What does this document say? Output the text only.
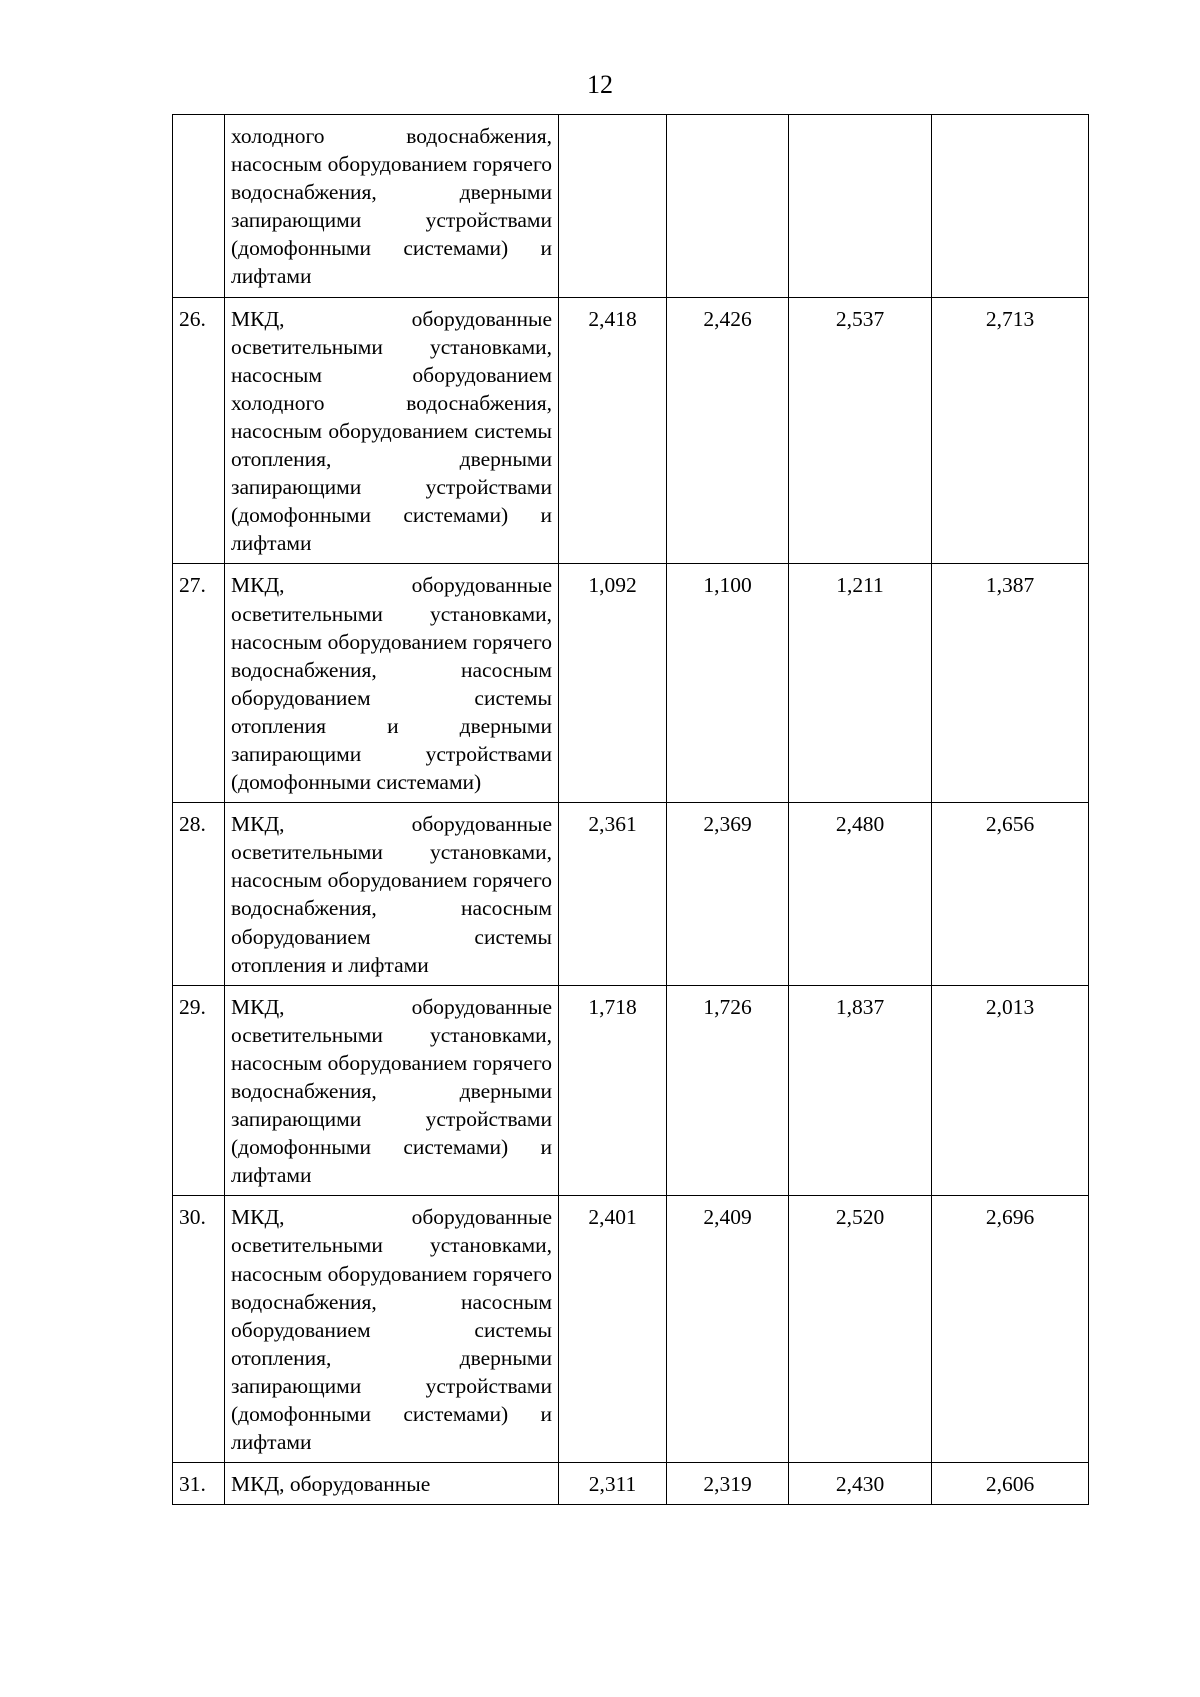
12
	холодного водоснабжения, насосным оборудованием горячего водоснабжения, дверными запирающими устройствами (домофонными системами) и лифтами				
26.	МКД, оборудованные осветительными установками, насосным оборудованием холодного водоснабжения, насосным оборудованием системы отопления, дверными запирающими устройствами (домофонными системами) и лифтами	2,418	2,426	2,537	2,713
27.	МКД, оборудованные осветительными установками, насосным оборудованием горячего водоснабжения, насосным оборудованием системы отопления и дверными запирающими устройствами (домофонными системами)	1,092	1,100	1,211	1,387
28.	МКД, оборудованные осветительными установками, насосным оборудованием горячего водоснабжения, насосным оборудованием системы отопления и лифтами	2,361	2,369	2,480	2,656
29.	МКД, оборудованные осветительными установками, насосным оборудованием горячего водоснабжения, дверными запирающими устройствами (домофонными системами) и лифтами	1,718	1,726	1,837	2,013
30.	МКД, оборудованные осветительными установками, насосным оборудованием горячего водоснабжения, насосным оборудованием системы отопления, дверными запирающими устройствами (домофонными системами) и лифтами	2,401	2,409	2,520	2,696
31.	МКД, оборудованные	2,311	2,319	2,430	2,606
